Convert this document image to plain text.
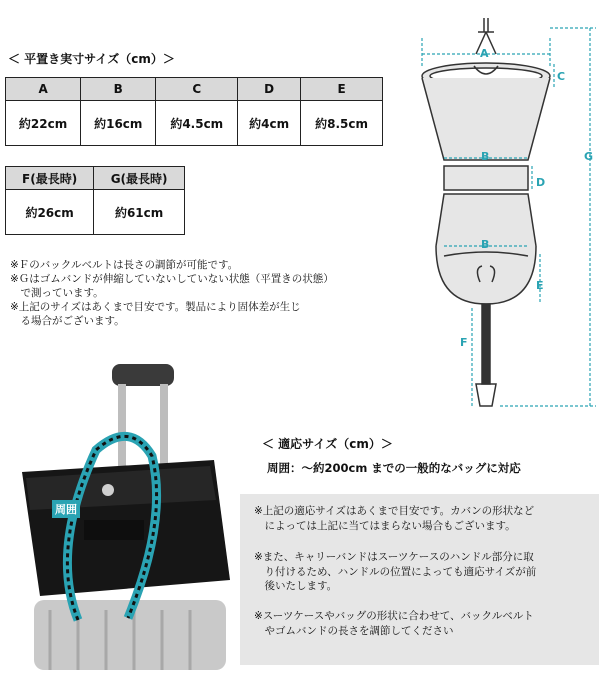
＜ 平置き実寸サイズ（cm）＞
A	B	C	D	E
約22cm	約16cm	約4.5cm	約4cm	約8.5cm
F(最長時)	G(最長時)
約26cm	約61cm
※Ｆのバックルベルトは長さの調節が可能です。
※Ｇはゴムバンドが伸縮していないしていない状態（平置きの状態）
　で測っています。
※上記のサイズはあくまで目安です。製品により固体差が生じ
　る場合がございます。
A
B
C
D
B
E
F
G
周囲
＜ 適応サイズ（cm）＞
周囲：～約200cm までの一般的なバッグに対応

※上記の適応サイズはあくまで目安です。カバンの形状など
　によっては上記に当てはまらない場合もございます。

※また、キャリーバンドはスーツケースのハンドル部分に取
　り付けるため、ハンドルの位置によっても適応サイズが前
　後いたします。

※スーツケースやバッグの形状に合わせて、バックルベルト
　やゴムバンドの長さを調節してください
